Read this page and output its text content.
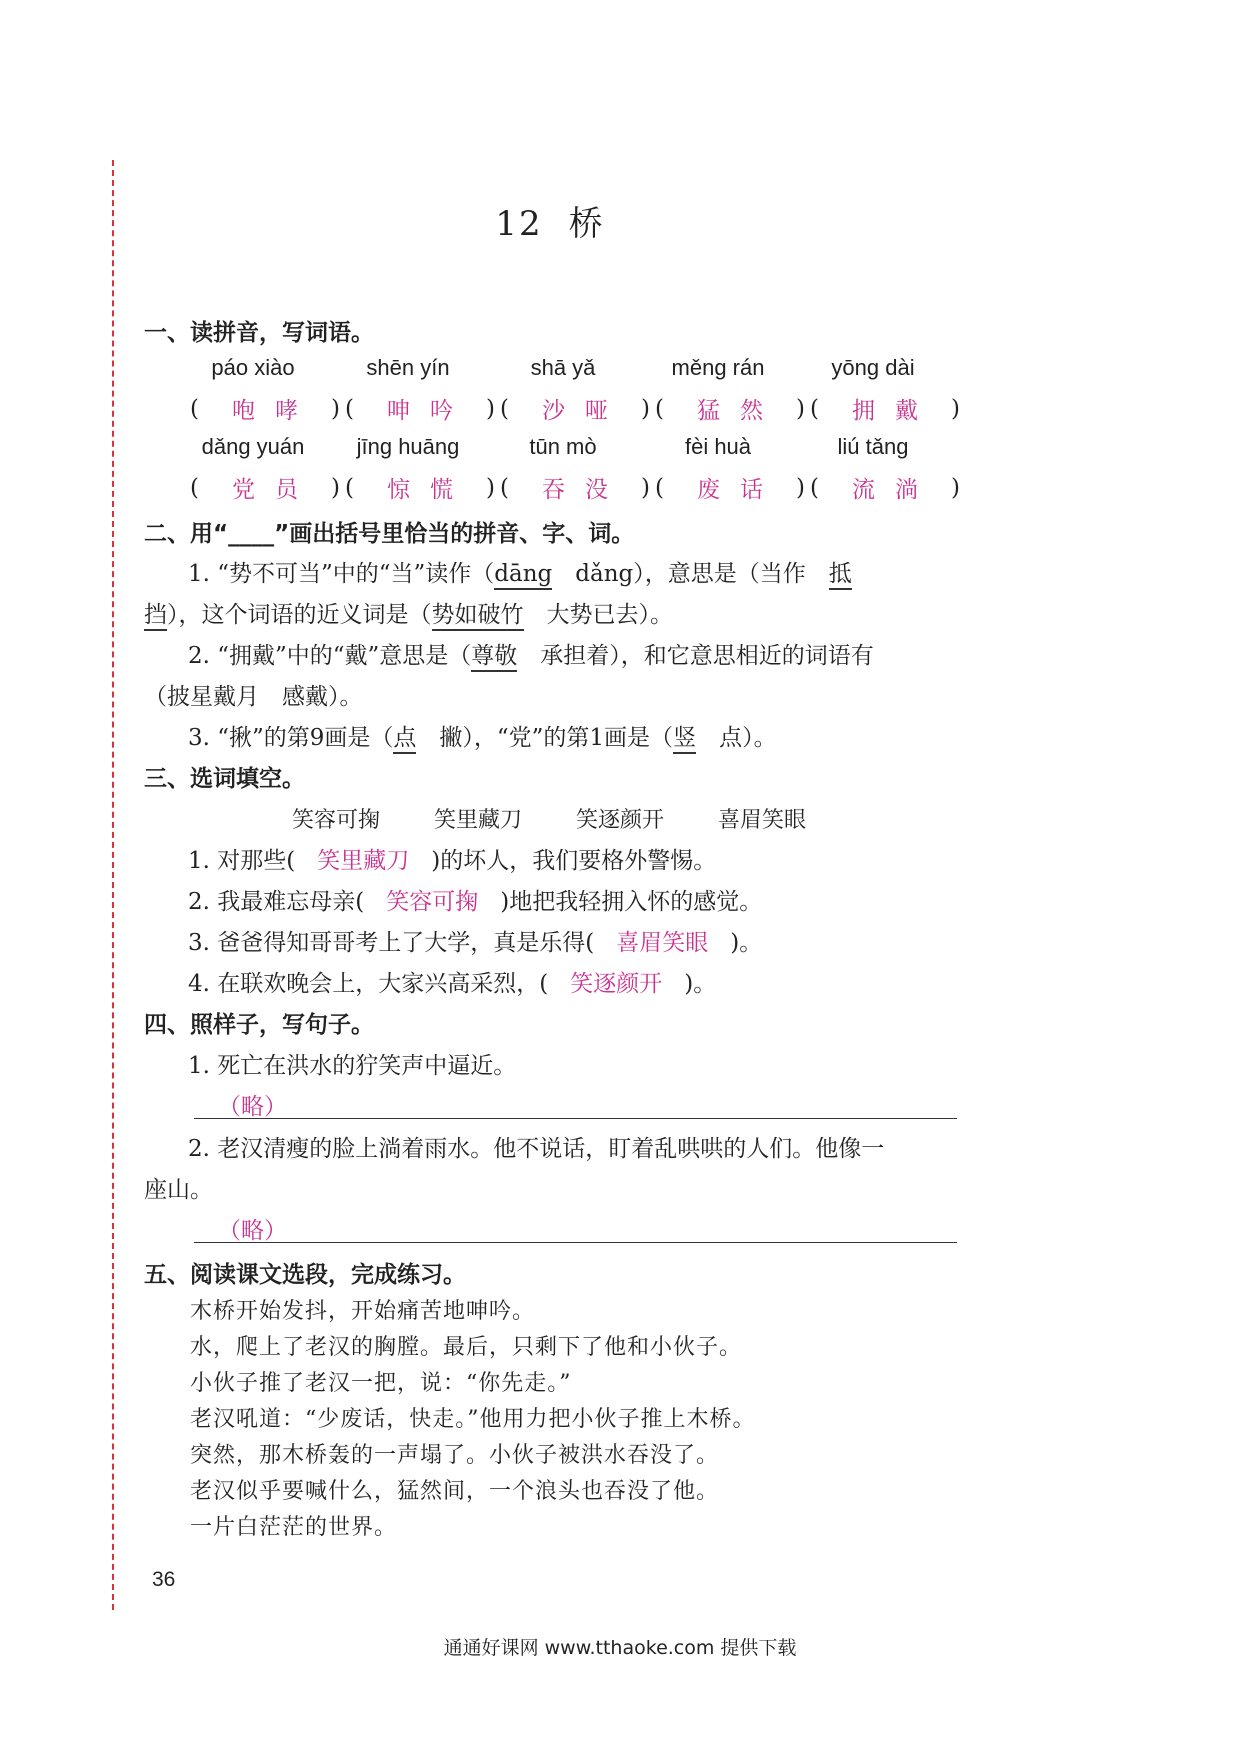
12 桥
一、读拼音，写词语。
páo xiào	shēn yín	shā yǎ	měng rán	yōng dài
( 咆哮 ) ( 呻吟 ) ( 沙哑 ) ( 猛然 ) ( 拥戴 )
dǎng yuán	jīng huāng	tūn mò	fèi huà	liú tǎng
( 党员 ) ( 惊慌 ) ( 吞没 ) ( 废话 ) ( 流淌 )
二、用“____”画出括号里恰当的拼音、字、词。
1. “势不可当”中的“当”读作（dāng　 dǎng），意思是（当作　 抵
挡），这个词语的近义词是（势如破竹　 大势已去）。
2. “拥戴”中的“戴”意思是（尊敬　 承担着），和它意思相近的词语有
（披星戴月　感戴）。
3. “揪”的第9画是（点　 撇），“党”的第1画是（竖　 点）。
三、选词填空。
笑容可掬 笑里藏刀 笑逐颜开 喜眉笑眼
1. 对那些( 笑里藏刀 )的坏人，我们要格外警惕。
2. 我最难忘母亲( 笑容可掬 )地把我轻拥入怀的感觉。
3. 爸爸得知哥哥考上了大学，真是乐得( 喜眉笑眼 )。
4. 在联欢晚会上，大家兴高采烈，( 笑逐颜开 )。
四、照样子，写句子。
1. 死亡在洪水的狞笑声中逼近。
（略）
2. 老汉清瘦的脸上淌着雨水。他不说话，盯着乱哄哄的人们。他像一
座山。
（略）
五、阅读课文选段，完成练习。
木桥开始发抖，开始痛苦地呻吟。
水，爬上了老汉的胸膛。最后，只剩下了他和小伙子。
小伙子推了老汉一把，说：“你先走。”
老汉吼道：“少废话，快走。”他用力把小伙子推上木桥。
突然，那木桥轰的一声塌了。小伙子被洪水吞没了。
老汉似乎要喊什么，猛然间，一个浪头也吞没了他。
一片白茫茫的世界。
36
通通好课网 www.tthaoke.com 提供下载
